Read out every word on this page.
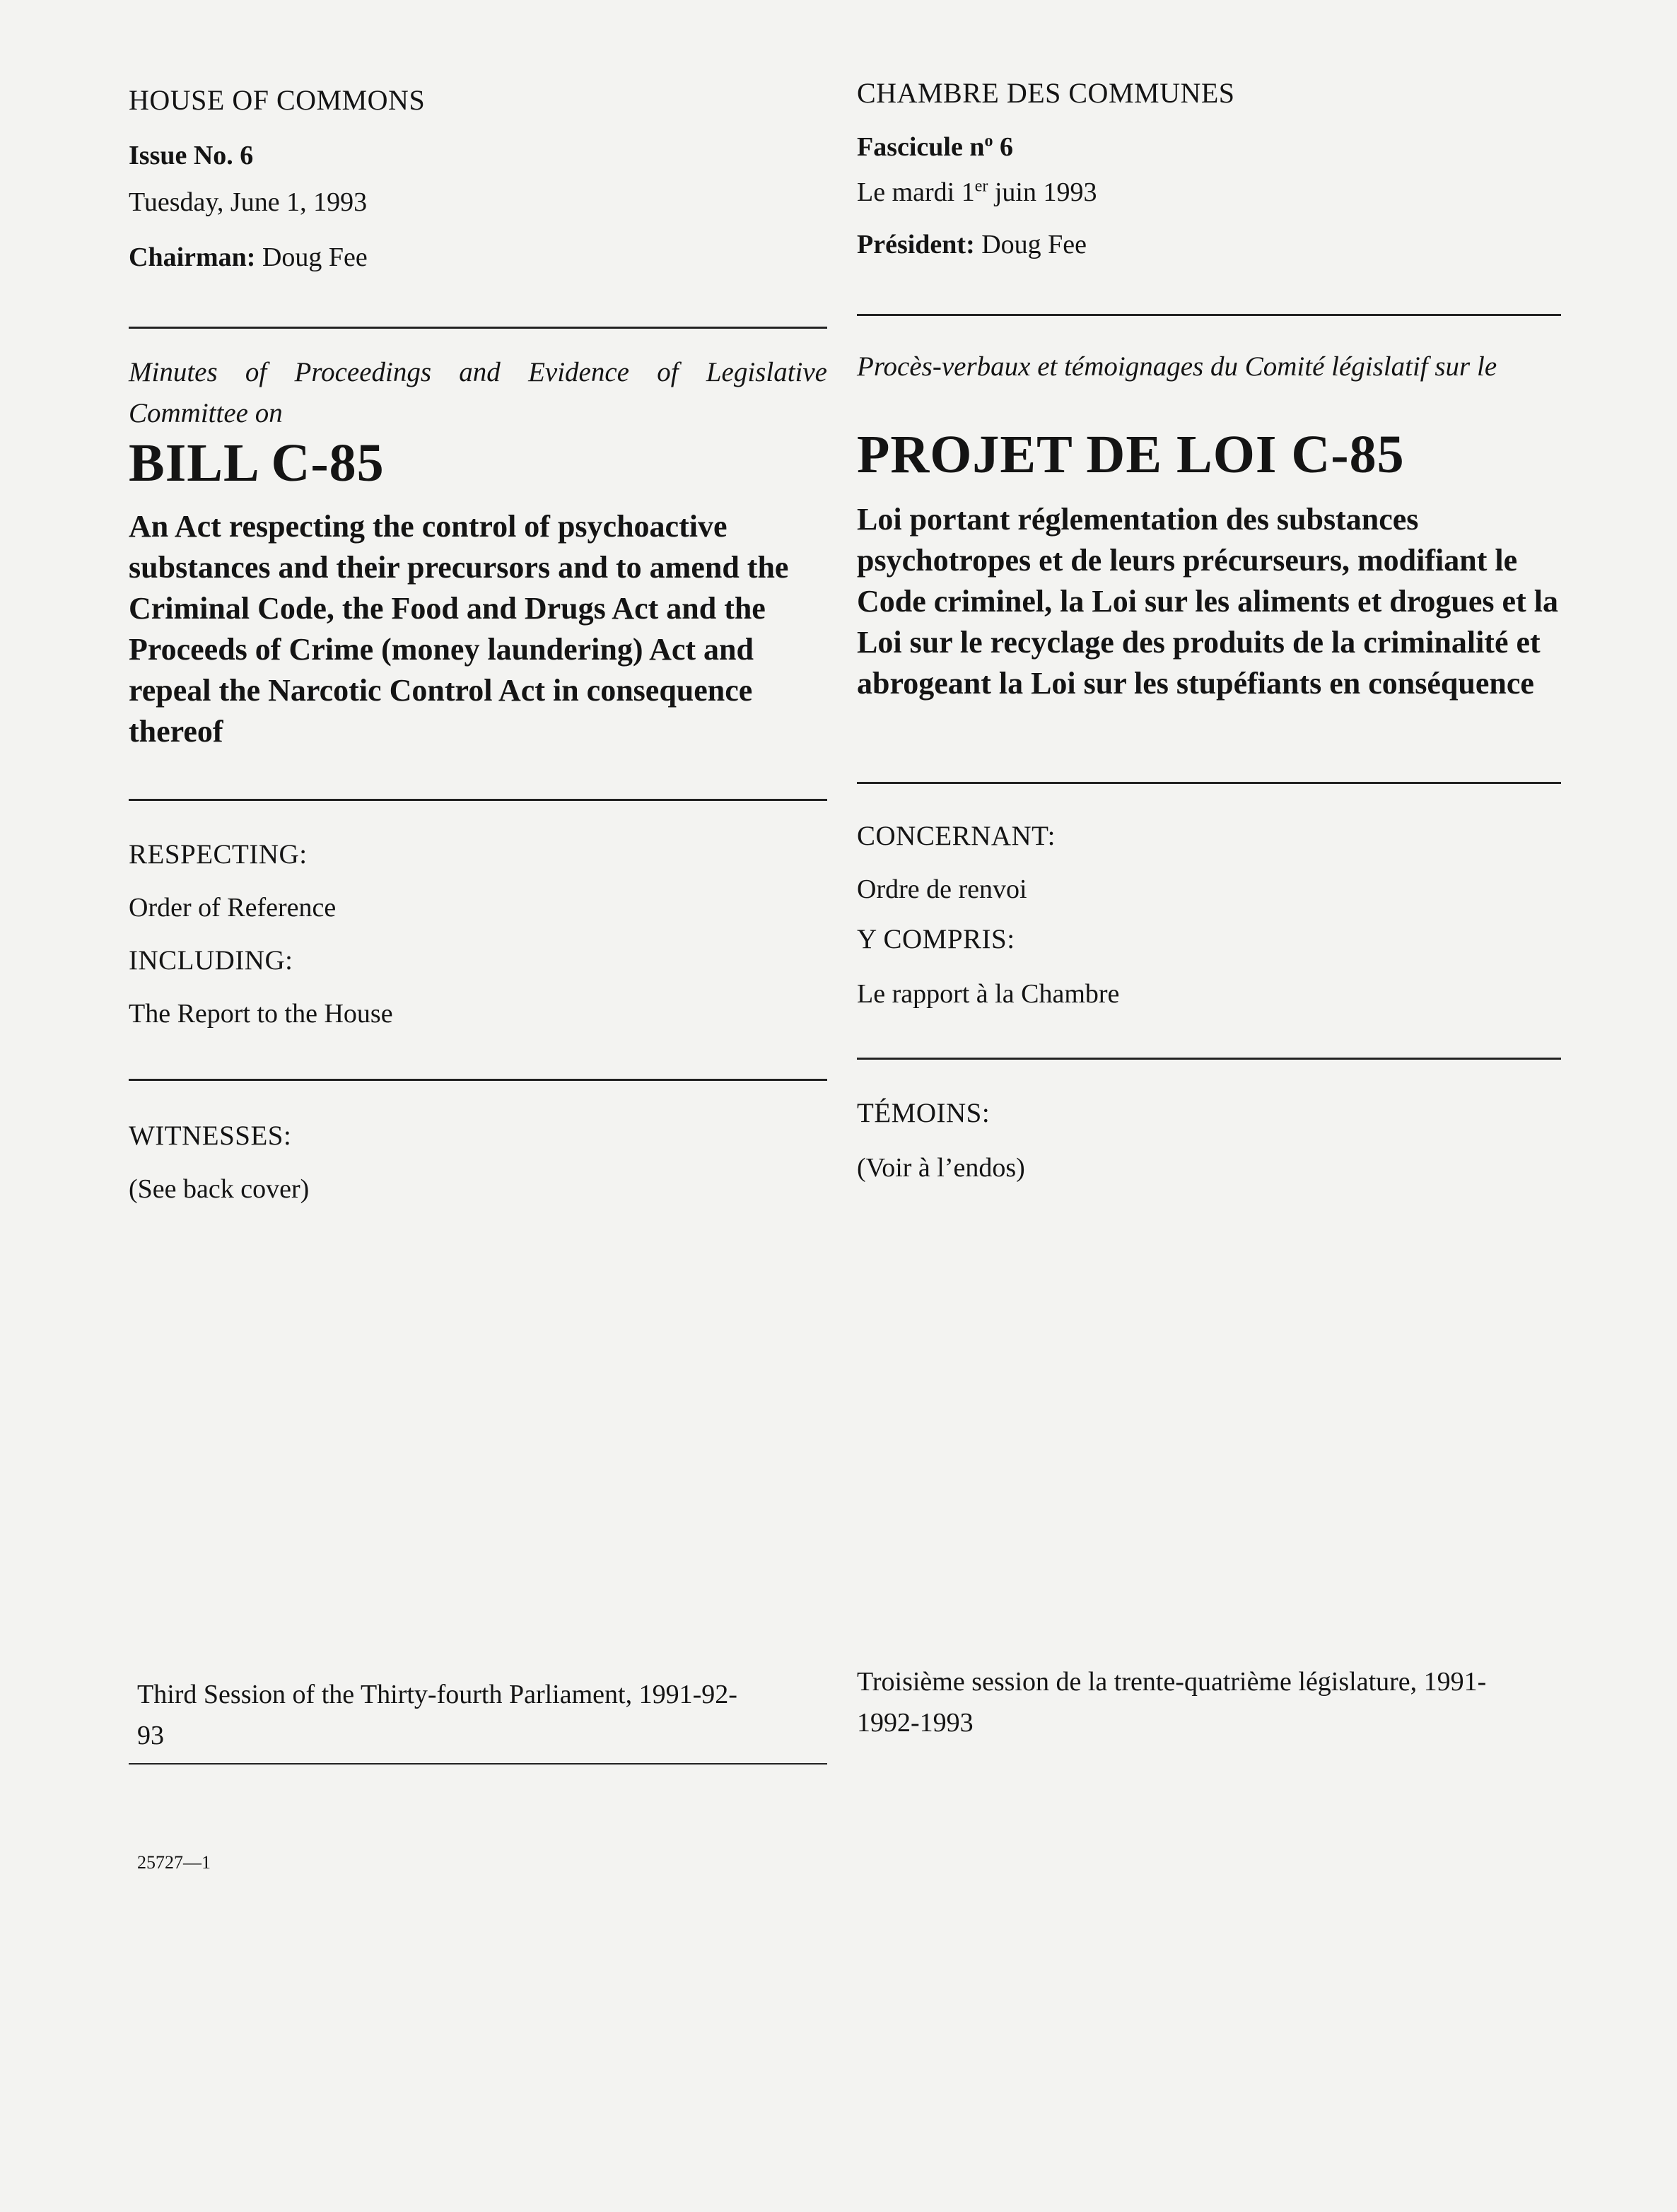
HOUSE OF COMMONS
Issue No. 6
Tuesday, June 1, 1993
Chairman: Doug Fee
Minutes of Proceedings and Evidence of Legislative Committee on
BILL C-85
An Act respecting the control of psychoactive substances and their precursors and to amend the Criminal Code, the Food and Drugs Act and the Proceeds of Crime (money laundering) Act and repeal the Narcotic Control Act in consequence thereof
RESPECTING:
Order of Reference
INCLUDING:
The Report to the House
WITNESSES:
(See back cover)
Third Session of the Thirty-fourth Parliament, 1991-92-93
25727—1
CHAMBRE DES COMMUNES
Fascicule $n^o$ 6
Le mardi 1er juin 1993
Président: Doug Fee
Procès-verbaux et témoignages du Comité législatif sur le
PROJET DE LOI C-85
Loi portant réglementation des substances psychotropes et de leurs précurseurs, modifiant le Code criminel, la Loi sur les aliments et drogues et la Loi sur le recyclage des produits de la criminalité et abrogeant la Loi sur les stupéfiants en conséquence
CONCERNANT:
Ordre de renvoi
Y COMPRIS:
Le rapport à la Chambre
TÉMOINS:
(Voir à l’endos)
Troisième session de la trente-quatrième législature, 1991-1992-1993
